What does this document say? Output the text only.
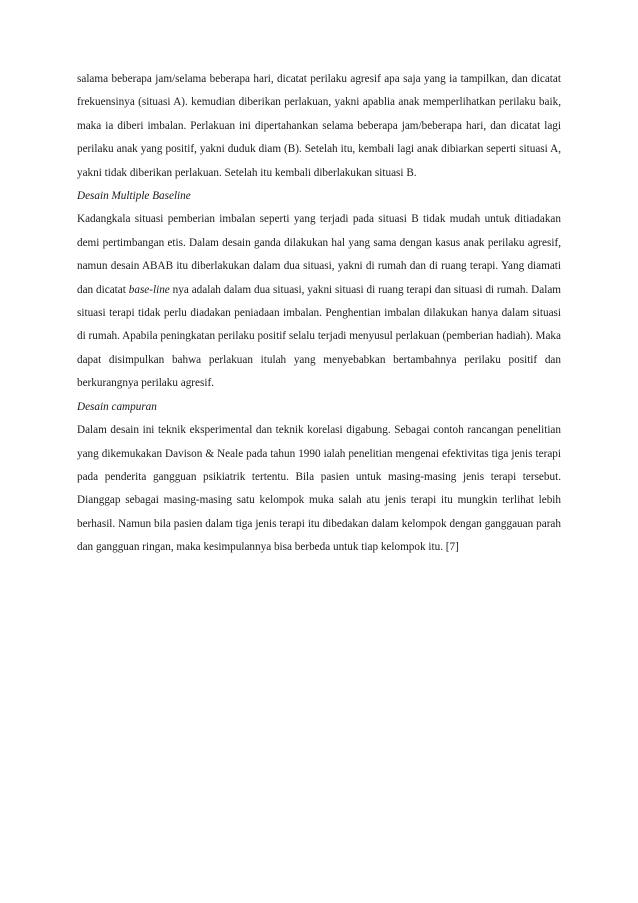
salama beberapa jam/selama beberapa hari, dicatat perilaku agresif apa saja yang ia tampilkan, dan dicatat frekuensinya (situasi A). kemudian diberikan perlakuan, yakni apablia anak memperlihatkan perilaku baik, maka ia diberi imbalan. Perlakuan ini dipertahankan selama beberapa jam/beberapa hari, dan dicatat lagi perilaku anak yang positif, yakni duduk diam (B). Setelah itu, kembali lagi anak dibiarkan seperti situasi A, yakni tidak diberikan perlakuan. Setelah itu kembali diberlakukan situasi B.

Desain Multiple Baseline

Kadangkala situasi pemberian imbalan seperti yang terjadi pada situasi B tidak mudah untuk ditiadakan demi pertimbangan etis. Dalam desain ganda dilakukan hal yang sama dengan kasus anak perilaku agresif, namun desain ABAB itu diberlakukan dalam dua situasi, yakni di rumah dan di ruang terapi. Yang diamati dan dicatat base-line nya adalah dalam dua situasi, yakni situasi di ruang terapi dan situasi di rumah. Dalam situasi terapi tidak perlu diadakan peniadaan imbalan. Penghentian imbalan dilakukan hanya dalam situasi di rumah. Apabila peningkatan perilaku positif selalu terjadi menyusul perlakuan (pemberian hadiah). Maka dapat disimpulkan bahwa perlakuan itulah yang menyebabkan bertambahnya perilaku positif dan berkurangnya perilaku agresif.

Desain campuran

Dalam desain ini teknik eksperimental dan teknik korelasi digabung. Sebagai contoh rancangan penelitian yang dikemukakan Davison & Neale pada tahun 1990 ialah penelitian mengenai efektivitas tiga jenis terapi pada penderita gangguan psikiatrik tertentu. Bila pasien untuk masing-masing jenis terapi tersebut. Dianggap sebagai masing-masing satu kelompok muka salah atu jenis terapi itu mungkin terlihat lebih berhasil. Namun bila pasien dalam tiga jenis terapi itu dibedakan dalam kelompok dengan ganggauan parah dan gangguan ringan, maka kesimpulannya bisa berbeda untuk tiap kelompok itu. [7]
